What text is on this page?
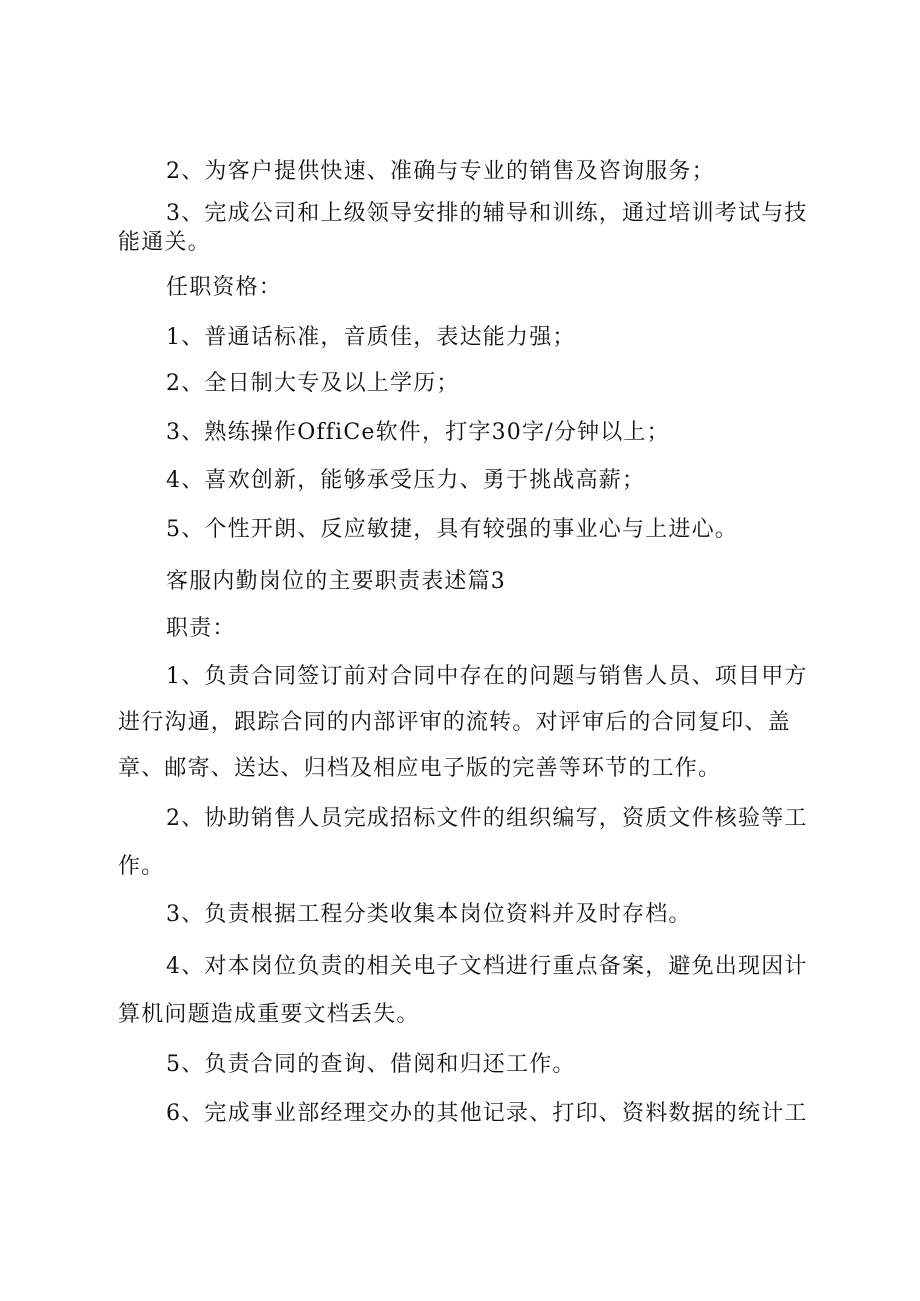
2、为客户提供快速、准确与专业的销售及咨询服务；
3、完成公司和上级领导安排的辅导和训练，通过培训考试与技
能通关。
任职资格：
1、普通话标准，音质佳，表达能力强；
2、全日制大专及以上学历；
3、熟练操作OffiCe软件，打字30字/分钟以上；
4、喜欢创新，能够承受压力、勇于挑战高薪；
5、个性开朗、反应敏捷，具有较强的事业心与上进心。
客服内勤岗位的主要职责表述篇3
职责：
1、负责合同签订前对合同中存在的问题与销售人员、项目甲方
进行沟通，跟踪合同的内部评审的流转。对评审后的合同复印、盖
章、邮寄、送达、归档及相应电子版的完善等环节的工作。
2、协助销售人员完成招标文件的组织编写，资质文件核验等工
作。
3、负责根据工程分类收集本岗位资料并及时存档。
4、对本岗位负责的相关电子文档进行重点备案，避免出现因计
算机问题造成重要文档丢失。
5、负责合同的查询、借阅和归还工作。
6、完成事业部经理交办的其他记录、打印、资料数据的统计工
